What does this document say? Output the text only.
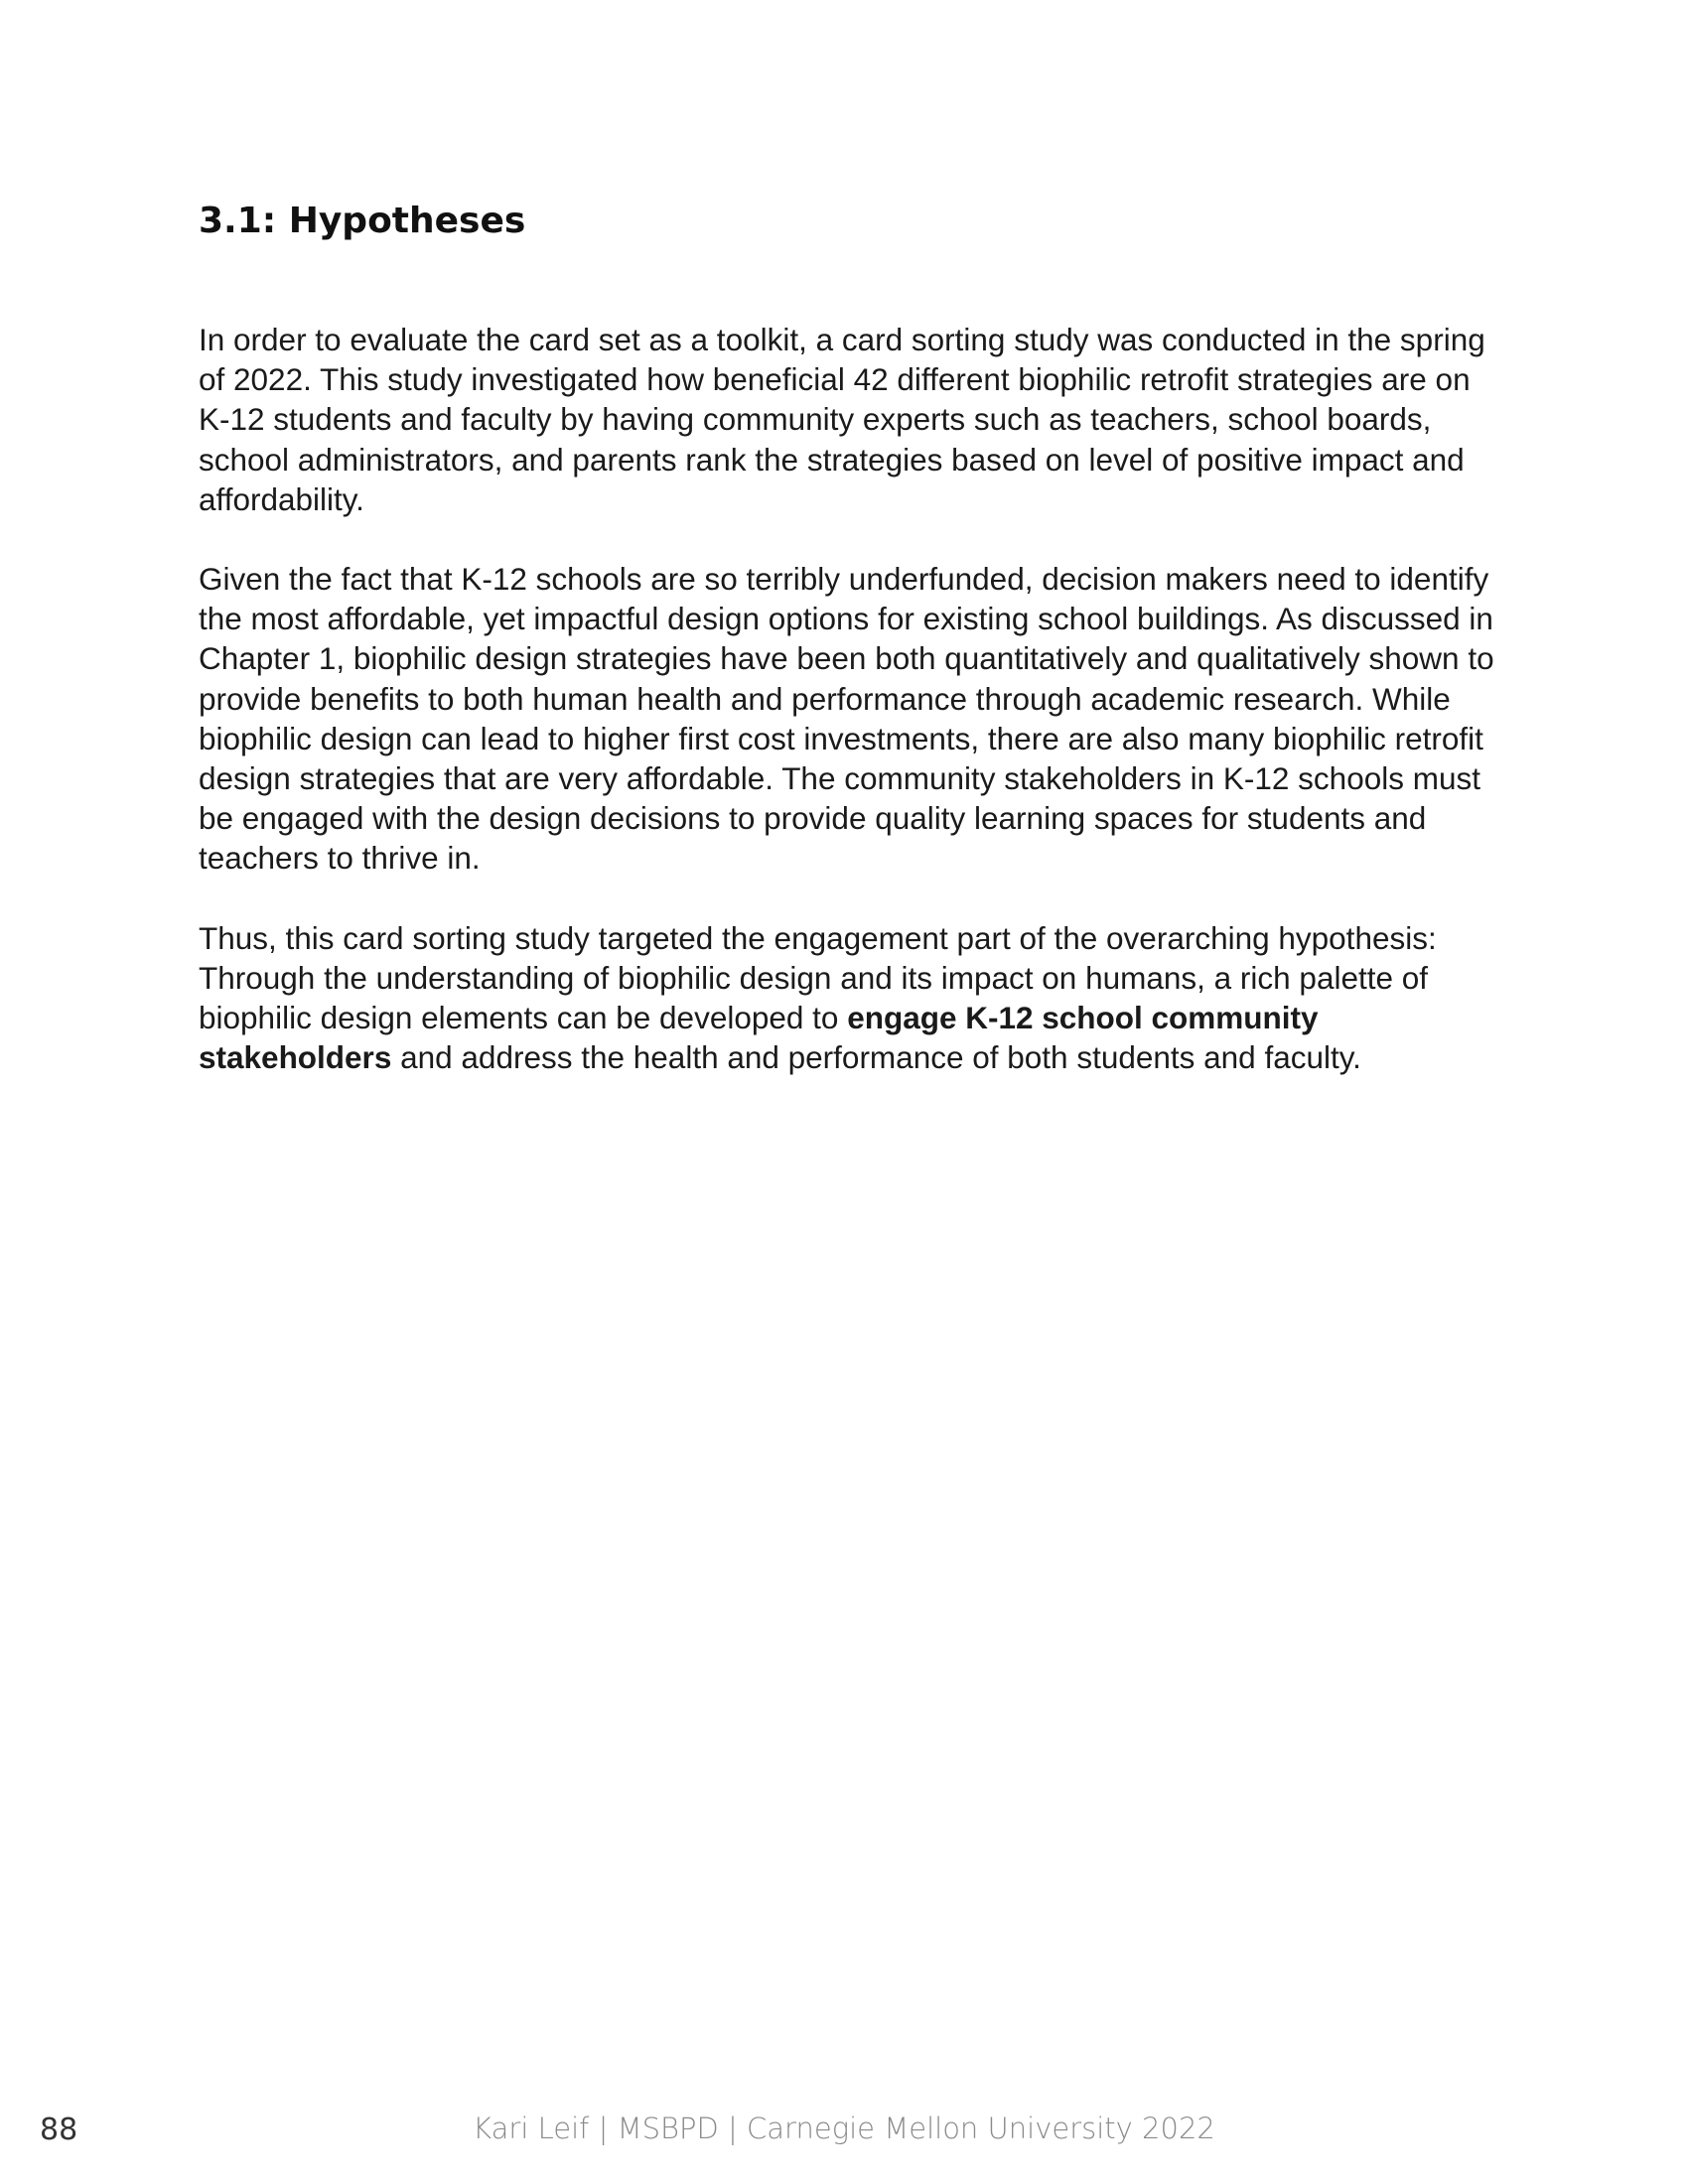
3.1: Hypotheses

In order to evaluate the card set as a toolkit, a card sorting study was conducted in the spring of 2022. This study investigated how beneficial 42 different biophilic retrofit strategies are on K-12 students and faculty by having community experts such as teachers, school boards, school administrators, and parents rank the strategies based on level of positive impact and affordability.

Given the fact that K-12 schools are so terribly underfunded, decision makers need to identify the most affordable, yet impactful design options for existing school buildings. As discussed in Chapter 1, biophilic design strategies have been both quantitatively and qualitatively shown to provide benefits to both human health and performance through academic research. While biophilic design can lead to higher first cost investments, there are also many biophilic retrofit design strategies that are very affordable. The community stakeholders in K-12 schools must be engaged with the design decisions to provide quality learning spaces for students and teachers to thrive in.

Thus, this card sorting study targeted the engagement part of the overarching hypothesis: Through the understanding of biophilic design and its impact on humans, a rich palette of biophilic design elements can be developed to engage K-12 school community stakeholders and address the health and performance of both students and faculty.

88	Kari Leif | MSBPD | Carnegie Mellon University 2022
